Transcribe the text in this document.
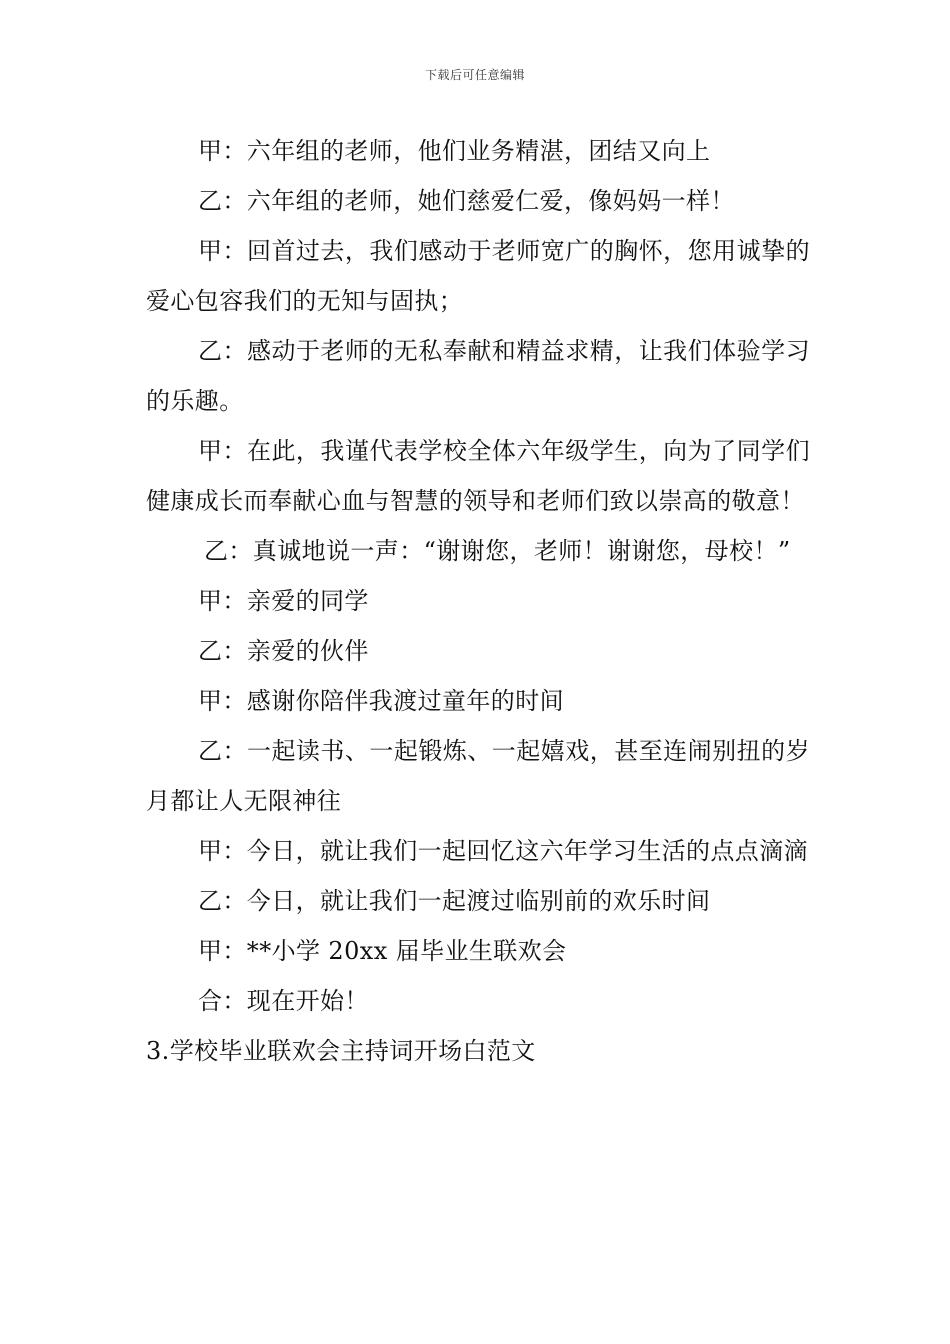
下载后可任意编辑

甲：六年组的老师，他们业务精湛，团结又向上

乙：六年组的老师，她们慈爱仁爱，像妈妈一样！

甲：回首过去，我们感动于老师宽广的胸怀，您用诚挚的爱心包容我们的无知与固执；

乙：感动于老师的无私奉献和精益求精，让我们体验学习的乐趣。

甲：在此，我谨代表学校全体六年级学生，向为了同学们健康成长而奉献心血与智慧的领导和老师们致以崇高的敬意！

乙：真诚地说一声：“谢谢您，老师！谢谢您，母校！”

甲：亲爱的同学

乙：亲爱的伙伴

甲：感谢你陪伴我渡过童年的时间

乙：一起读书、一起锻炼、一起嬉戏，甚至连闹别扭的岁月都让人无限神往

甲：今日，就让我们一起回忆这六年学习生活的点点滴滴

乙：今日，就让我们一起渡过临别前的欢乐时间

甲：**小学 20xx 届毕业生联欢会

合：现在开始！

3.学校毕业联欢会主持词开场白范文
